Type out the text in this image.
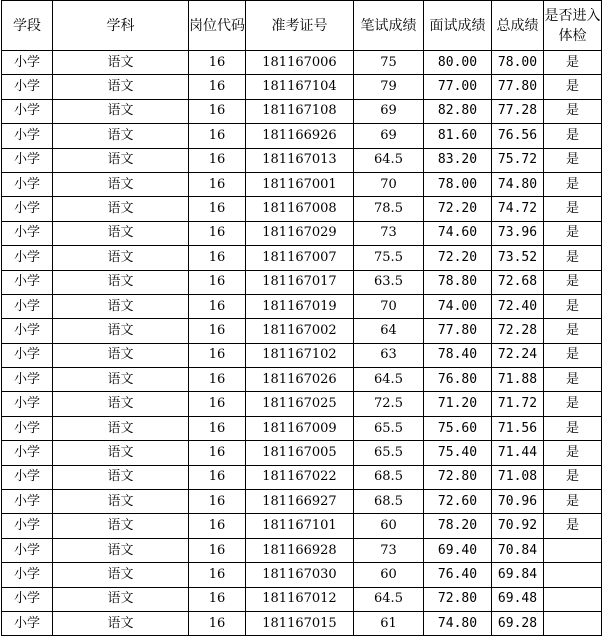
学段	学科	岗位代码	准考证号	笔试成绩	面试成绩	总成绩	是否进入体检
小学	语文	16	181167006	75	80.00	78.00	是
小学	语文	16	181167104	79	77.00	77.80	是
小学	语文	16	181167108	69	82.80	77.28	是
小学	语文	16	181166926	69	81.60	76.56	是
小学	语文	16	181167013	64.5	83.20	75.72	是
小学	语文	16	181167001	70	78.00	74.80	是
小学	语文	16	181167008	78.5	72.20	74.72	是
小学	语文	16	181167029	73	74.60	73.96	是
小学	语文	16	181167007	75.5	72.20	73.52	是
小学	语文	16	181167017	63.5	78.80	72.68	是
小学	语文	16	181167019	70	74.00	72.40	是
小学	语文	16	181167002	64	77.80	72.28	是
小学	语文	16	181167102	63	78.40	72.24	是
小学	语文	16	181167026	64.5	76.80	71.88	是
小学	语文	16	181167025	72.5	71.20	71.72	是
小学	语文	16	181167009	65.5	75.60	71.56	是
小学	语文	16	181167005	65.5	75.40	71.44	是
小学	语文	16	181167022	68.5	72.80	71.08	是
小学	语文	16	181166927	68.5	72.60	70.96	是
小学	语文	16	181167101	60	78.20	70.92	是
小学	语文	16	181166928	73	69.40	70.84	
小学	语文	16	181167030	60	76.40	69.84	
小学	语文	16	181167012	64.5	72.80	69.48	
小学	语文	16	181167015	61	74.80	69.28	
